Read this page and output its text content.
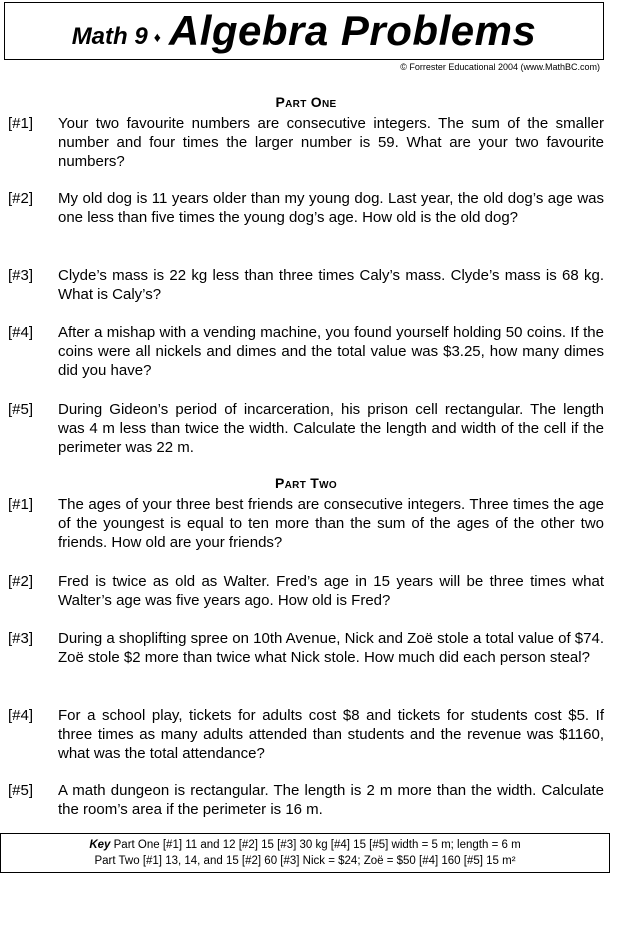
Math 9 ♦ Algebra Problems
© Forrester Educational 2004 (www.MathBC.com)
Part One
[#1]	Your two favourite numbers are consecutive integers. The sum of the smaller number and four times the larger number is 59. What are your two favourite numbers?
[#2]	My old dog is 11 years older than my young dog. Last year, the old dog’s age was one less than five times the young dog’s age. How old is the old dog?
[#3]	Clyde’s mass is 22 kg less than three times Caly’s mass. Clyde’s mass is 68 kg. What is Caly’s?
[#4]	After a mishap with a vending machine, you found yourself holding 50 coins. If the coins were all nickels and dimes and the total value was $3.25, how many dimes did you have?
[#5]	During Gideon’s period of incarceration, his prison cell rectangular. The length was 4 m less than twice the width. Calculate the length and width of the cell if the perimeter was 22 m.
Part Two
[#1]	The ages of your three best friends are consecutive integers. Three times the age of the youngest is equal to ten more than the sum of the ages of the other two friends. How old are your friends?
[#2]	Fred is twice as old as Walter. Fred’s age in 15 years will be three times what Walter’s age was five years ago. How old is Fred?
[#3]	During a shoplifting spree on 10th Avenue, Nick and Zoë stole a total value of $74. Zoë stole $2 more than twice what Nick stole. How much did each person steal?
[#4]	For a school play, tickets for adults cost $8 and tickets for students cost $5. If three times as many adults attended than students and the revenue was $1160, what was the total attendance?
[#5]	A math dungeon is rectangular. The length is 2 m more than the width. Calculate the room’s area if the perimeter is 16 m.
Key Part One [#1] 11 and 12 [#2] 15 [#3] 30 kg [#4] 15 [#5] width = 5 m; length = 6 m
Part Two [#1] 13, 14, and 15 [#2] 60 [#3] Nick = $24; Zoë = $50 [#4] 160 [#5] 15 m²
